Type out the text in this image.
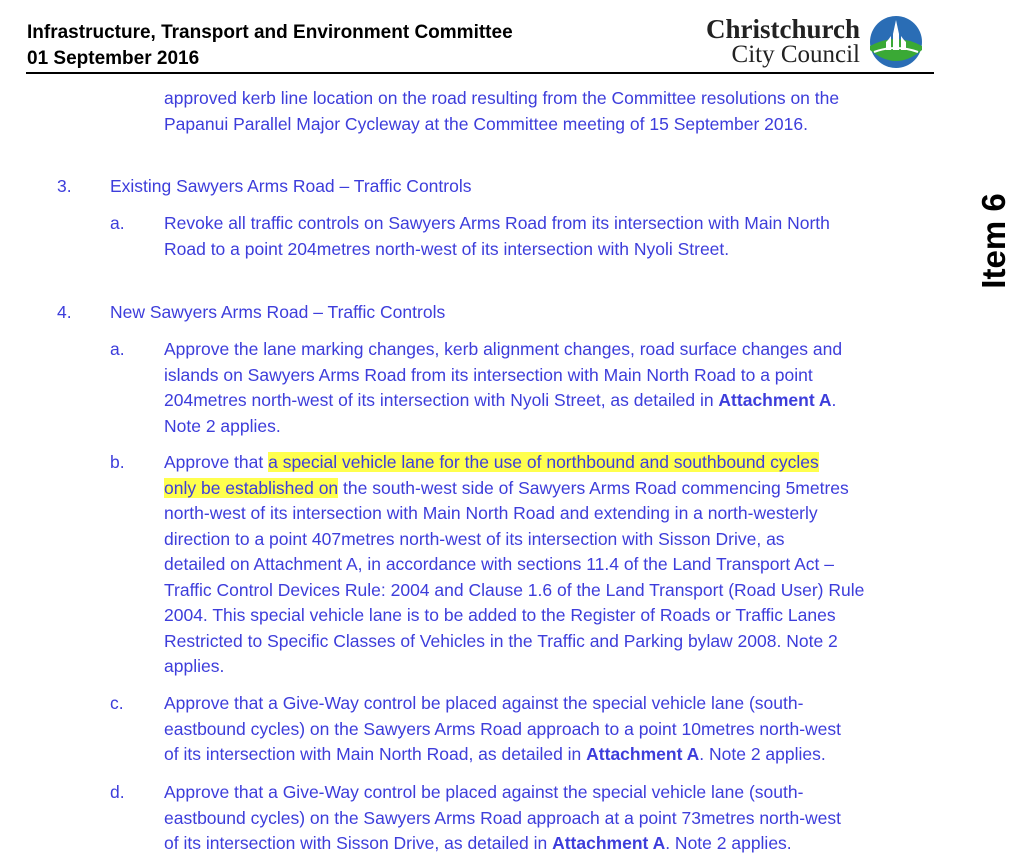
Infrastructure, Transport and Environment Committee
01 September 2016
Christchurch
City Council
Item 6
approved kerb line location on the road resulting from the Committee resolutions on the
Papanui Parallel Major Cycleway at the Committee meeting of 15 September 2016.
3. Existing Sawyers Arms Road – Traffic Controls
a. Revoke all traffic controls on Sawyers Arms Road from its intersection with Main North
Road to a point 204metres north-west of its intersection with Nyoli Street.
4. New Sawyers Arms Road – Traffic Controls
a. Approve the lane marking changes, kerb alignment changes, road surface changes and
islands on Sawyers Arms Road from its intersection with Main North Road to a point
204metres north-west of its intersection with Nyoli Street, as detailed in Attachment A.
Note 2 applies.
b. Approve that a special vehicle lane for the use of northbound and southbound cycles
only be established on the south-west side of Sawyers Arms Road commencing 5metres
north-west of its intersection with Main North Road and extending in a north-westerly
direction to a point 407metres north-west of its intersection with Sisson Drive, as
detailed on Attachment A, in accordance with sections 11.4 of the Land Transport Act –
Traffic Control Devices Rule: 2004 and Clause 1.6 of the Land Transport (Road User) Rule
2004. This special vehicle lane is to be added to the Register of Roads or Traffic Lanes
Restricted to Specific Classes of Vehicles in the Traffic and Parking bylaw 2008. Note 2
applies.
c. Approve that a Give-Way control be placed against the special vehicle lane (south-
eastbound cycles) on the Sawyers Arms Road approach to a point 10metres north-west
of its intersection with Main North Road, as detailed in Attachment A. Note 2 applies.
d. Approve that a Give-Way control be placed against the special vehicle lane (south-
eastbound cycles) on the Sawyers Arms Road approach at a point 73metres north-west
of its intersection with Sisson Drive, as detailed in Attachment A. Note 2 applies.
